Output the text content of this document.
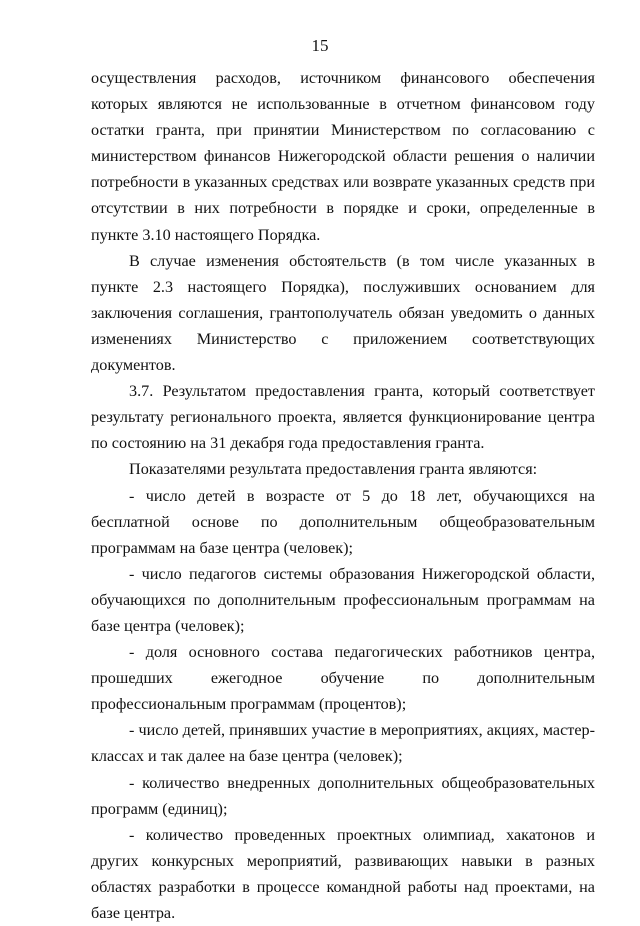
15

осуществления расходов, источником финансового обеспечения которых являются не использованные в отчетном финансовом году остатки гранта, при принятии Министерством по согласованию с министерством финансов Нижегородской области решения о наличии потребности в указанных средствах или возврате указанных средств при отсутствии в них потребности в порядке и сроки, определенные в пункте 3.10 настоящего Порядка.

В случае изменения обстоятельств (в том числе указанных в пункте 2.3 настоящего Порядка), послуживших основанием для заключения соглашения, грантополучатель обязан уведомить о данных изменениях Министерство с приложением соответствующих документов.

3.7. Результатом предоставления гранта, который соответствует результату регионального проекта, является функционирование центра по состоянию на 31 декабря года предоставления гранта.

Показателями результата предоставления гранта являются:

- число детей в возрасте от 5 до 18 лет, обучающихся на бесплатной основе по дополнительным общеобразовательным программам на базе центра (человек);

- число педагогов системы образования Нижегородской области, обучающихся по дополнительным профессиональным программам на базе центра (человек);

- доля основного состава педагогических работников центра, прошедших ежегодное обучение по дополнительным профессиональным программам (процентов);

- число детей, принявших участие в мероприятиях, акциях, мастер-классах и так далее на базе центра (человек);

- количество внедренных дополнительных общеобразовательных программ (единиц);

- количество проведенных проектных олимпиад, хакатонов и других конкурсных мероприятий, развивающих навыки в разных областях разработки в процессе командной работы над проектами, на базе центра.
